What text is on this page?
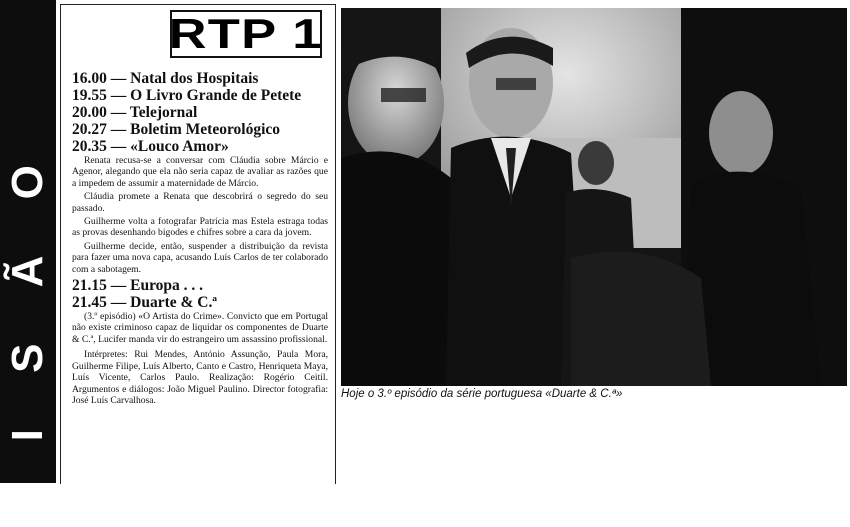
V I S Ã O
RTP 1
16.00 — Natal dos Hospitais
19.55 — O Livro Grande de Petete
20.00 — Telejornal
20.27 — Boletim Meteorológico
20.35 — «Louco Amor»

Renata recusa-se a conversar com Cláudia sobre Márcio e Agenor, alegando que ela não seria capaz de avaliar as razões que a impedem de assumir a maternidade de Márcio.

Cláudia promete a Renata que descobrirá o segredo do seu passado.

Guilherme volta a fotografar Patrícia mas Estela estraga todas as provas desenhando bigodes e chifres sobre a cara da jovem.

Guilherme decide, então, suspender a distribuição da revista para fazer uma nova capa, acusando Luís Carlos de ter colaborado com a sabotagem.

21.15 — Europa . . .
21.45 — Duarte & C.ª

(3.º episódio) «O Artista do Crime». Convicto que em Portugal não existe criminoso capaz de liquidar os componentes de Duarte & C.ª, Lucifer manda vir do estrangeiro um assassino profissional.

Intérpretes: Rui Mendes, António Assunção, Paula Mora, Guilherme Filipe, Luís Alberto, Canto e Castro, Henriqueta Maya, Luís Vicente, Carlos Paulo. Realização: Rogério Ceitil. Argumentos e diálogos: João Miguel Paulino. Director fotografia: José Luís Carvalhosa.

Hoje o 3.º episódio da série portuguesa «Duarte & C.ª»
